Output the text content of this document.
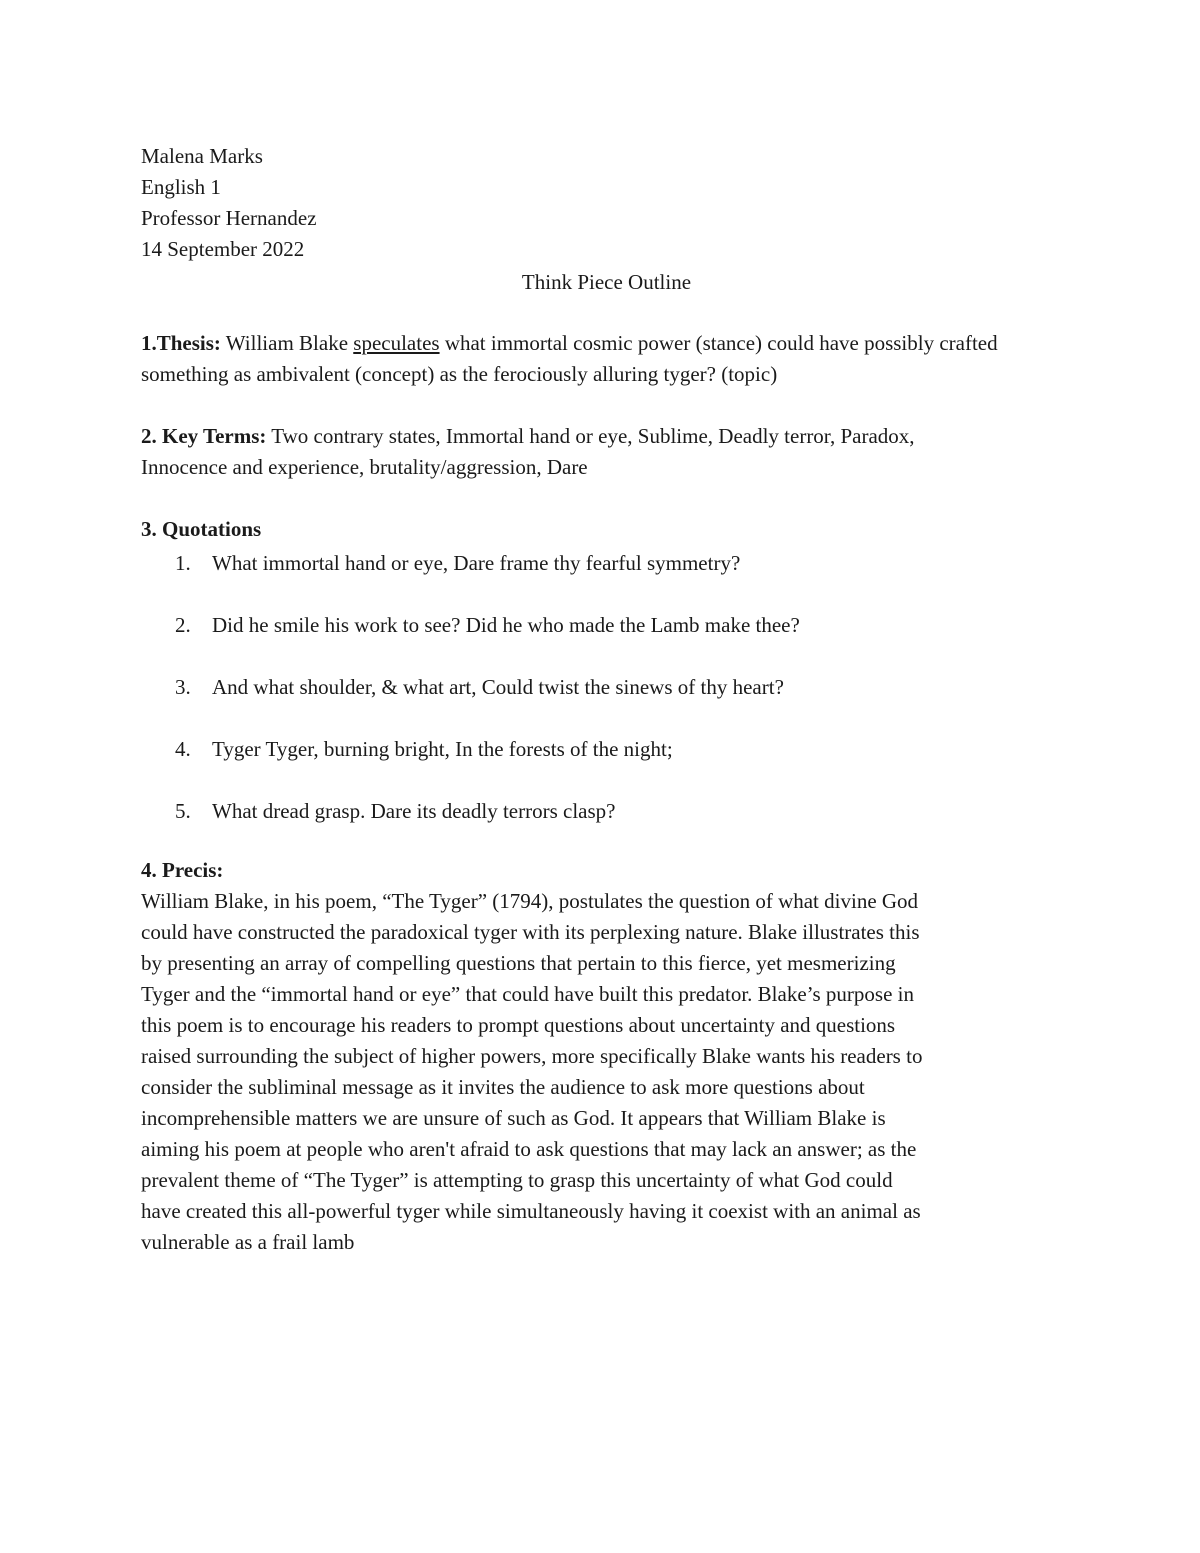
Malena Marks
English 1
Professor Hernandez
14 September 2022
Think Piece Outline
1.Thesis: William Blake speculates what immortal cosmic power (stance) could have possibly crafted
something as ambivalent (concept) as the ferociously alluring tyger? (topic)
2. Key Terms: Two contrary states, Immortal hand or eye, Sublime, Deadly terror, Paradox,
Innocence and experience, brutality/aggression, Dare
3. Quotations
1. What immortal hand or eye, Dare frame thy fearful symmetry?
2. Did he smile his work to see? Did he who made the Lamb make thee?
3. And what shoulder, & what art, Could twist the sinews of thy heart?
4. Tyger Tyger, burning bright, In the forests of the night;
5. What dread grasp. Dare its deadly terrors clasp?
4. Precis:
William Blake, in his poem, “The Tyger” (1794), postulates the question of what divine God
could have constructed the paradoxical tyger with its perplexing nature. Blake illustrates this
by presenting an array of compelling questions that pertain to this fierce, yet mesmerizing
Tyger and the “immortal hand or eye” that could have built this predator. Blake’s purpose in
this poem is to encourage his readers to prompt questions about uncertainty and questions
raised surrounding the subject of higher powers, more specifically Blake wants his readers to
consider the subliminal message as it invites the audience to ask more questions about
incomprehensible matters we are unsure of such as God. It appears that William Blake is
aiming his poem at people who aren't afraid to ask questions that may lack an answer; as the
prevalent theme of “The Tyger” is attempting to grasp this uncertainty of what God could
have created this all-powerful tyger while simultaneously having it coexist with an animal as
vulnerable as a frail lamb
